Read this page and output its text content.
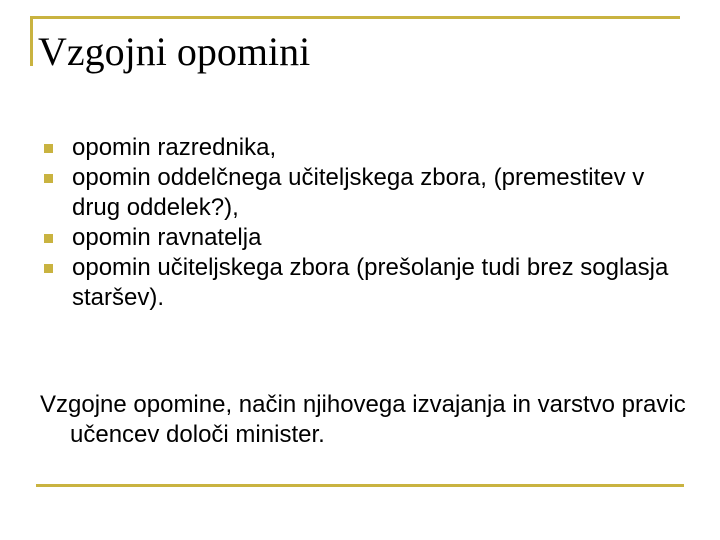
Vzgojni opomini
opomin razrednika,
opomin oddelčnega učiteljskega zbora, (premestitev v drug oddelek?),
opomin ravnatelja
opomin učiteljskega zbora (prešolanje tudi brez soglasja staršev).
Vzgojne opomine, način njihovega izvajanja in varstvo pravic učencev določi minister.
